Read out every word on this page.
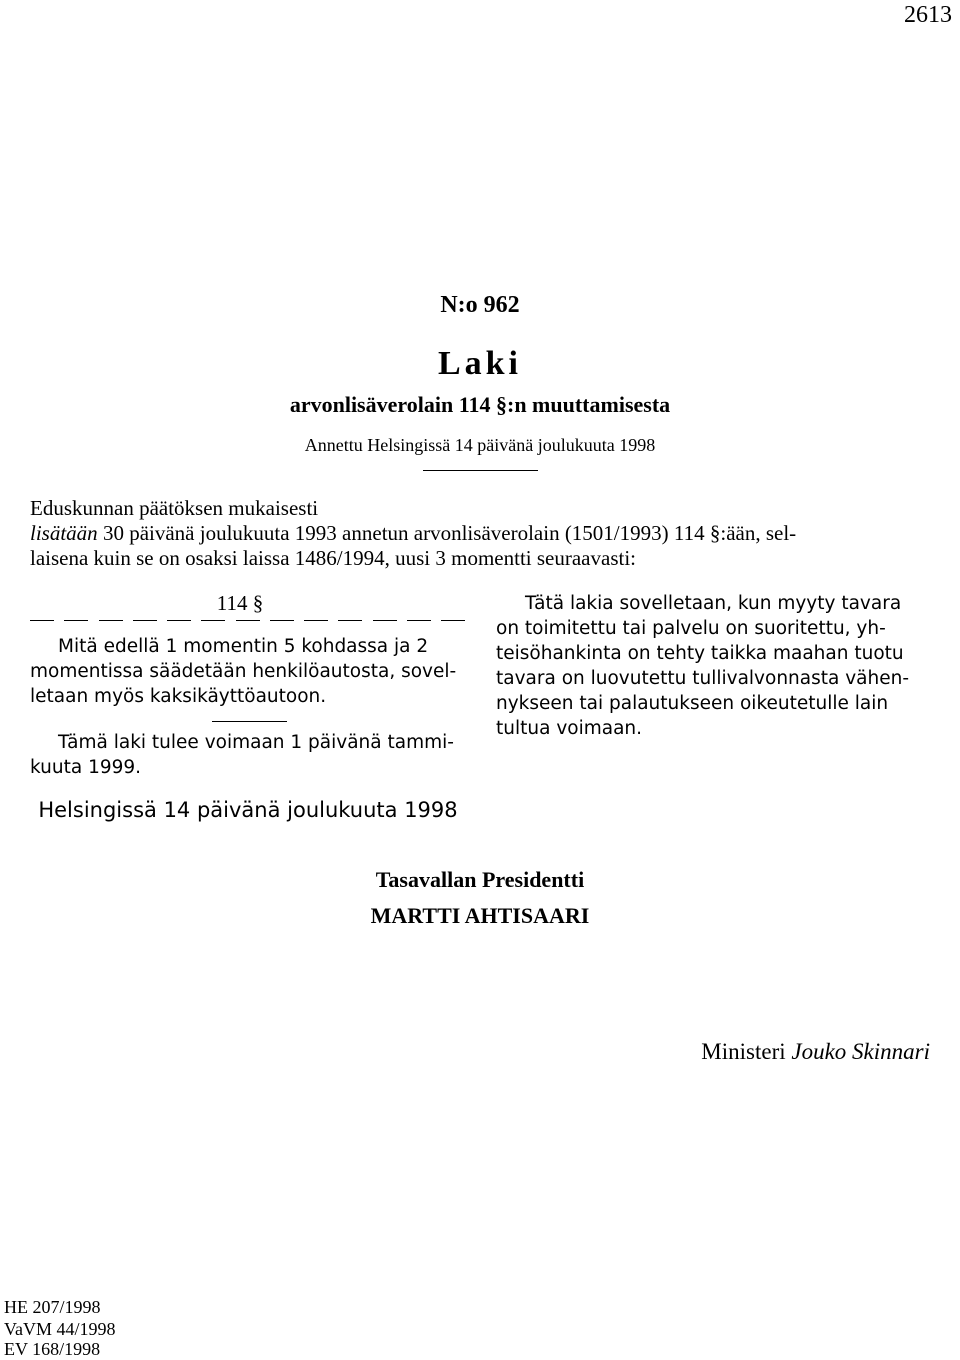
2613
N:o 962
Laki
arvonlisäverolain 114 §:n muuttamisesta
Annettu Helsingissä 14 päivänä joulukuuta 1998
Eduskunnan päätöksen mukaisesti
lisätään 30 päivänä joulukuuta 1993 annetun arvonlisäverolain (1501/1993) 114 §:ään, sel-
laisena kuin se on osaksi laissa 1486/1994, uusi 3 momentti seuraavasti:
114 §
Mitä edellä 1 momentin 5 kohdassa ja 2
momentissa säädetään henkilöautosta, sovel-
letaan myös kaksikäyttöautoon.
Tämä laki tulee voimaan 1 päivänä tammi-
kuuta 1999.
Tätä lakia sovelletaan, kun myyty tavara
on toimitettu tai palvelu on suoritettu, yh-
teisöhankinta on tehty taikka maahan tuotu
tavara on luovutettu tullivalvonnasta vähen-
nykseen tai palautukseen oikeutetulle lain
tultua voimaan.
Helsingissä 14 päivänä joulukuuta 1998
Tasavallan Presidentti
MARTTI AHTISAARI
Ministeri Jouko Skinnari
HE 207/1998
VaVM 44/1998
EV 168/1998
